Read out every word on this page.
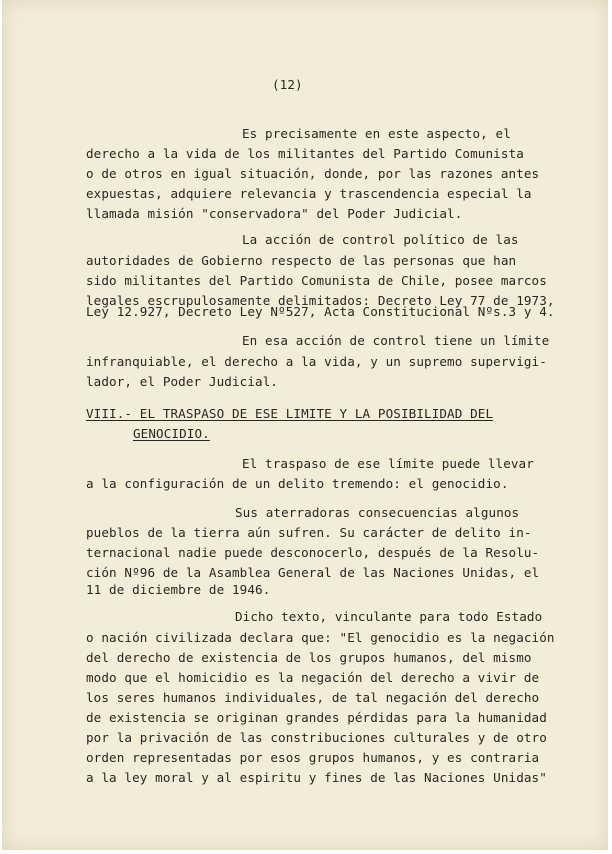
(12)
Es precisamente en este aspecto, el
derecho a la vida de los militantes del Partido Comunista
o de otros en igual situación, donde, por las razones antes
expuestas, adquiere relevancia y trascendencia especial la
llamada misión "conservadora" del Poder Judicial.
La acción de control político de las
autoridades de Gobierno respecto de las personas que han
sido militantes del Partido Comunista de Chile, posee marcos
legales escrupulosamente delimitados: Decreto Ley 77 de 1973,
Ley 12.927, Decreto Ley Nº527, Acta Constitucional Nºs.3 y 4.
En esa acción de control tiene un límite
infranquiable, el derecho a la vida, y un supremo supervigi-
lador, el Poder Judicial.
VIII.- EL TRASPASO DE ESE LIMITE Y LA POSIBILIDAD DEL
GENOCIDIO.
El traspaso de ese límite puede llevar
a la configuración de un delito tremendo: el genocidio.
Sus aterradoras consecuencias algunos
pueblos de la tierra aún sufren. Su carácter de delito in-
ternacional nadie puede desconocerlo, después de la Resolu-
ción Nº96 de la Asamblea General de las Naciones Unidas, el
11 de diciembre de 1946.
Dicho texto, vinculante para todo Estado
o nación civilizada declara que: "El genocidio es la negación
del derecho de existencia de los grupos humanos, del mismo
modo que el homicidio es la negación del derecho a vivir de
los seres humanos individuales, de tal negación del derecho
de existencia se originan grandes pérdidas para la humanidad
por la privación de las constribuciones culturales y de otro
orden representadas por esos grupos humanos, y es contraria
a la ley moral y al espiritu y fines de las Naciones Unidas"
